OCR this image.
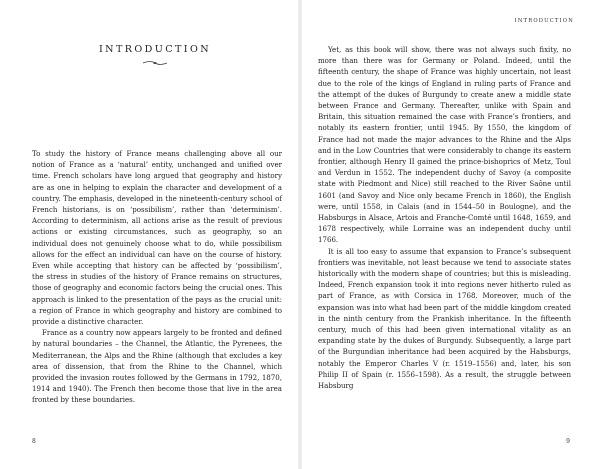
INTRODUCTION

To study the history of France means challenging above all our notion of France as a ‘natural’ entity, unchanged and unified over time. French scholars have long argued that geography and history are as one in helping to explain the character and development of a country. The emphasis, developed in the nineteenth-century school of French historians, is on ‘possibilism’, rather than ‘determinism’. According to determinism, all actions arise as the result of previous actions or existing circumstances, such as geography, so an individual does not genuinely choose what to do, while possibilism allows for the effect an individual can have on the course of history. Even while accepting that history can be affected by ‘possibilism’, the stress in studies of the history of France remains on structures, those of geography and economic factors being the crucial ones. This approach is linked to the presentation of the pays as the crucial unit: a region of France in which geography and history are combined to provide a distinctive character.

France as a country now appears largely to be fronted and defined by natural boundaries – the Channel, the Atlantic, the Pyrenees, the Mediterranean, the Alps and the Rhine (although that excludes a key area of dissension, that from the Rhine to the Channel, which provided the invasion routes followed by the Germans in 1792, 1870, 1914 and 1940). The French then become those that live in the area fronted by these boundaries.

8
INTRODUCTION

Yet, as this book will show, there was not always such fixity, no more than there was for Germany or Poland. Indeed, until the fifteenth century, the shape of France was highly uncertain, not least due to the role of the kings of England in ruling parts of France and the attempt of the dukes of Burgundy to create anew a middle state between France and Germany. Thereafter, unlike with Spain and Britain, this situation remained the case with France’s frontiers, and notably its eastern frontier, until 1945. By 1550, the kingdom of France had not made the major advances to the Rhine and the Alps and in the Low Countries that were considerably to change its eastern frontier, although Henry II gained the prince-bishoprics of Metz, Toul and Verdun in 1552. The independent duchy of Savoy (a composite state with Piedmont and Nice) still reached to the River Saône until 1601 (and Savoy and Nice only became French in 1860), the English were, until 1558, in Calais (and in 1544–50 in Boulogne), and the Habsburgs in Alsace, Artois and Franche-Comté until 1648, 1659, and 1678 respectively, while Lorraine was an independent duchy until 1766.

It is all too easy to assume that expansion to France’s subsequent frontiers was inevitable, not least because we tend to associate states historically with the modern shape of countries; but this is misleading. Indeed, French expansion took it into regions never hitherto ruled as part of France, as with Corsica in 1768. Moreover, much of the expansion was into what had been part of the middle kingdom created in the ninth century from the Frankish inheritance. In the fifteenth century, much of this had been given international vitality as an expanding state by the dukes of Burgundy. Subsequently, a large part of the Burgundian inheritance had been acquired by the Habsburgs, notably the Emperor Charles V (r. 1519–1556) and, later, his son Philip II of Spain (r. 1556–1598). As a result, the struggle between Habsburg

9
